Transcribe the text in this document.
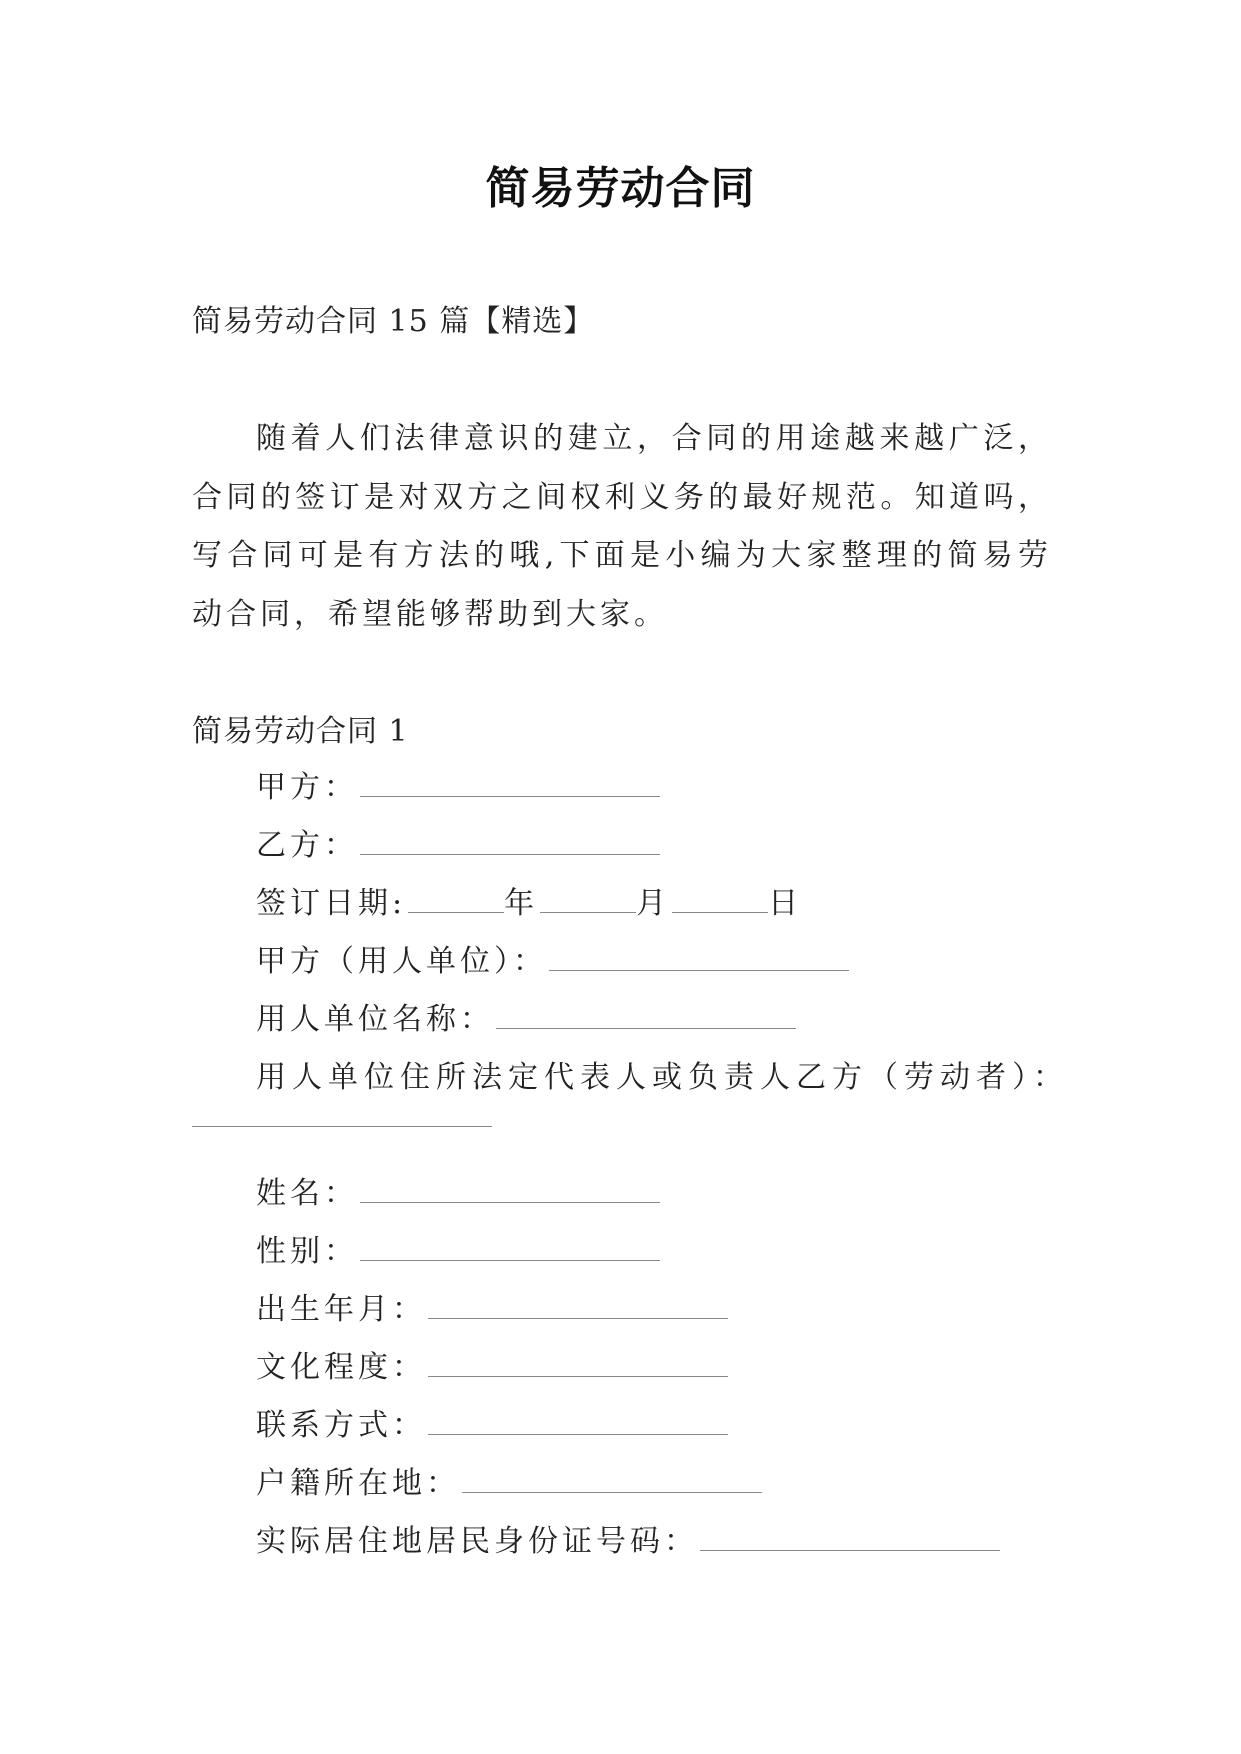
简易劳动合同
简易劳动合同 15 篇【精选】

随着人们法律意识的建立，合同的用途越来越广泛，合同的签订是对双方之间权利义务的最好规范。知道吗，写合同可是有方法的哦,下面是小编为大家整理的简易劳动合同，希望能够帮助到大家。

简易劳动合同 1
甲方：
乙方：
签订日期:	年	月	日
甲方（用人单位）：
用人单位名称：
用人单位住所法定代表人或负责人乙方（劳动者）：
姓名：
性别：
出生年月：
文化程度：
联系方式：
户籍所在地：
实际居住地居民身份证号码：
